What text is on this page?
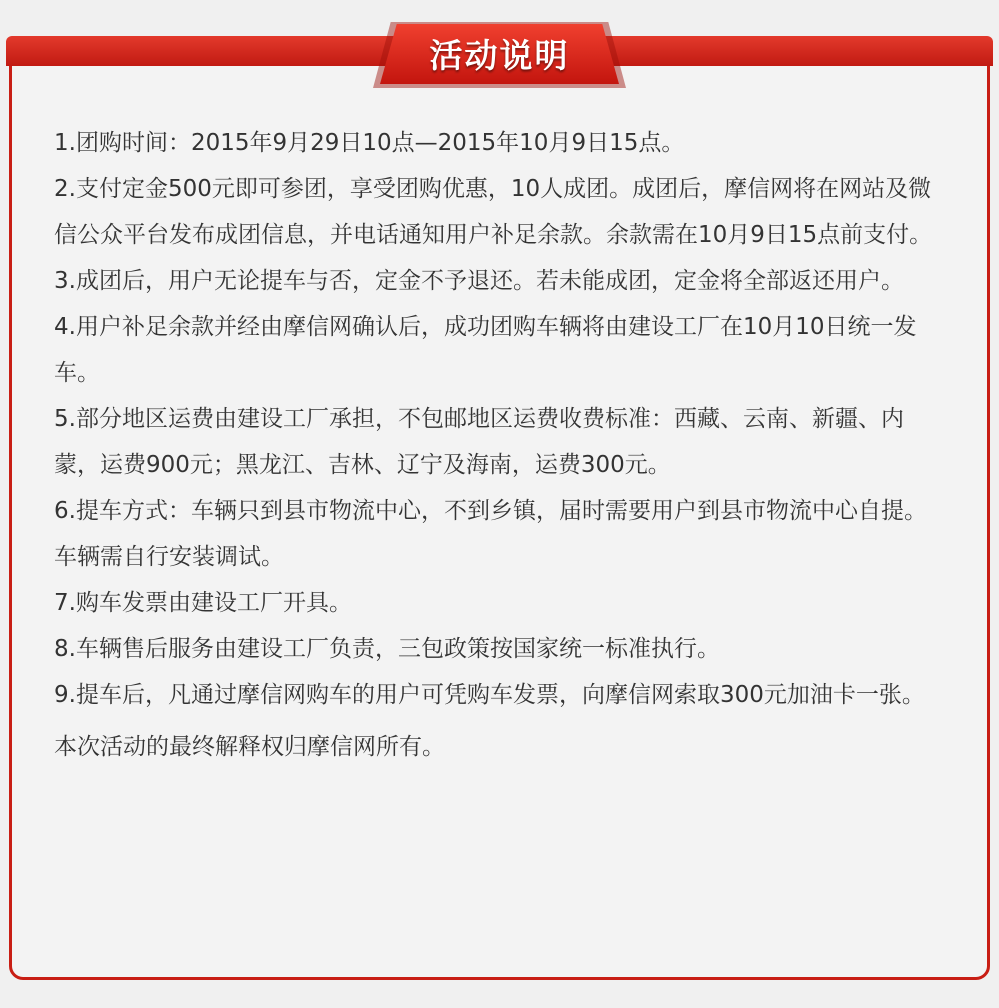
活动说明

1.团购时间：2015年9月29日10点—2015年10月9日15点。

2.支付定金500元即可参团，享受团购优惠，10人成团。成团后，摩信网将在网站及微信公众平台发布成团信息，并电话通知用户补足余款。余款需在10月9日15点前支付。

3.成团后，用户无论提车与否，定金不予退还。若未能成团，定金将全部返还用户。

4.用户补足余款并经由摩信网确认后，成功团购车辆将由建设工厂在10月10日统一发车。

5.部分地区运费由建设工厂承担，不包邮地区运费收费标准：西藏、云南、新疆、内蒙，运费900元；黑龙江、吉林、辽宁及海南，运费300元。

6.提车方式：车辆只到县市物流中心，不到乡镇，届时需要用户到县市物流中心自提。车辆需自行安装调试。

7.购车发票由建设工厂开具。

8.车辆售后服务由建设工厂负责，三包政策按国家统一标准执行。

9.提车后，凡通过摩信网购车的用户可凭购车发票，向摩信网索取300元加油卡一张。

本次活动的最终解释权归摩信网所有。
